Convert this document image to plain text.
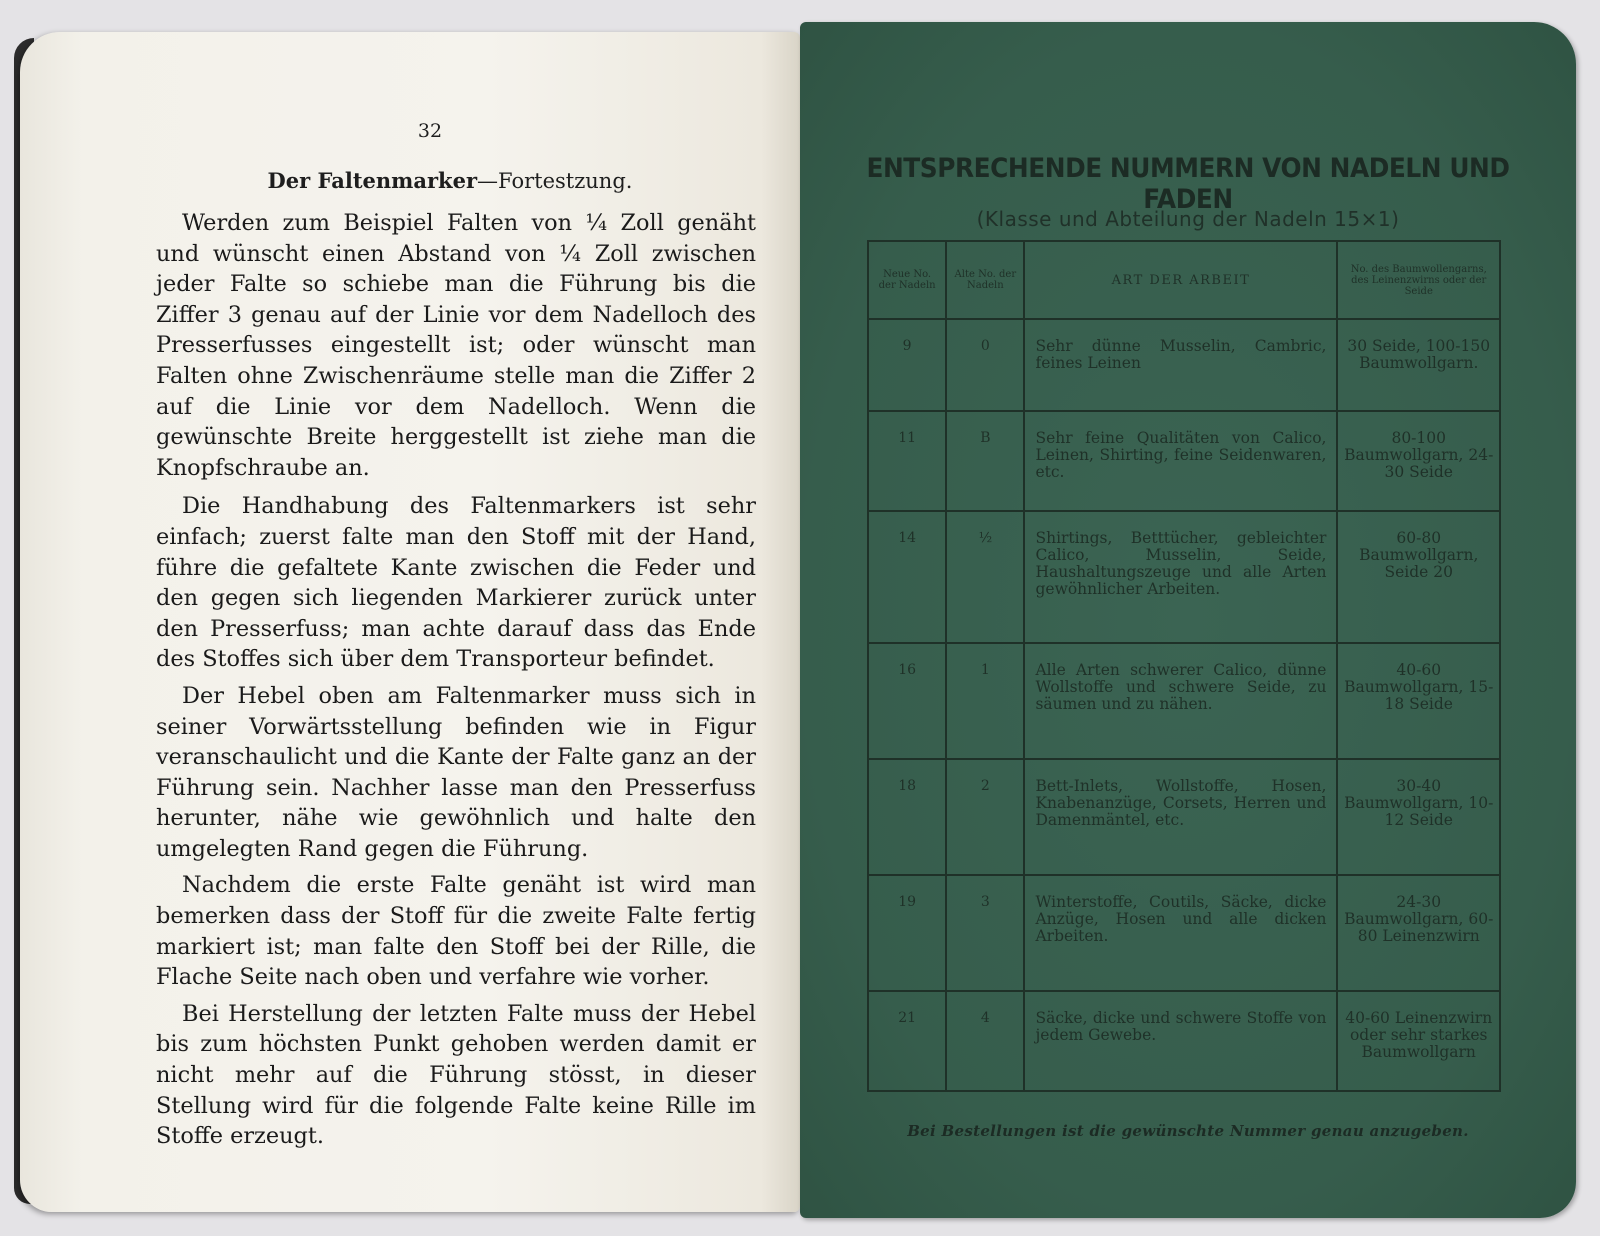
32
Der Faltenmarker—Fortestzung.

Werden zum Beispiel Falten von ¼ Zoll genäht und wünscht einen Abstand von ¼ Zoll zwischen jeder Falte so schiebe man die Führung bis die Ziffer 3 genau auf der Linie vor dem Nadelloch des Presserfusses eingestellt ist; oder wünscht man Falten ohne Zwischenräume stelle man die Ziffer 2 auf die Linie vor dem Nadelloch. Wenn die gewünschte Breite herggestellt ist ziehe man die Knopfschraube an.

Die Handhabung des Faltenmarkers ist sehr einfach; zuerst falte man den Stoff mit der Hand, führe die gefaltete Kante zwischen die Feder und den gegen sich liegenden Markierer zurück unter den Presserfuss; man achte darauf dass das Ende des Stoffes sich über dem Transporteur befindet.

Der Hebel oben am Faltenmarker muss sich in seiner Vorwärtsstellung befinden wie in Figur veranschaulicht und die Kante der Falte ganz an der Führung sein. Nachher lasse man den Presserfuss herunter, nähe wie gewöhnlich und halte den umgelegten Rand gegen die Führung.

Nachdem die erste Falte genäht ist wird man bemerken dass der Stoff für die zweite Falte fertig markiert ist; man falte den Stoff bei der Rille, die Flache Seite nach oben und verfahre wie vorher.

Bei Herstellung der letzten Falte muss der Hebel bis zum höchsten Punkt gehoben werden damit er nicht mehr auf die Führung stösst, in dieser Stellung wird für die folgende Falte keine Rille im Stoffe erzeugt.

ENTSPRECHENDE NUMMERN VON NADELN UND FADEN
(Klasse und Abteilung der Nadeln 15×1)
Neue No. der Nadeln	Alte No. der Nadeln	ART DER ARBEIT	No. des Baumwollengarns, des Leinenzwirns oder der Seide
9	0	Sehr dünne Musselin, Cambric, feines Leinen	30 Seide, 100-150 Baumwollgarn.
11	B	Sehr feine Qualitäten von Calico, Leinen, Shirting, feine Seidenwaren, etc.	80-100 Baumwollgarn, 24-30 Seide
14	½	Shirtings, Betttücher, gebleichter Calico, Musselin, Seide, Haushaltungszeuge und alle Arten gewöhnlicher Arbeiten.	60-80 Baumwollgarn, Seide 20
16	1	Alle Arten schwerer Calico, dünne Wollstoffe und schwere Seide, zu säumen und zu nähen.	40-60 Baumwollgarn, 15-18 Seide
18	2	Bett-Inlets, Wollstoffe, Hosen, Knabenanzüge, Corsets, Herren und Damenmäntel, etc.	30-40 Baumwollgarn, 10-12 Seide
19	3	Winterstoffe, Coutils, Säcke, dicke Anzüge, Hosen und alle dicken Arbeiten.	24-30 Baumwollgarn, 60-80 Leinenzwirn
21	4	Säcke, dicke und schwere Stoffe von jedem Gewebe.	40-60 Leinenzwirn oder sehr starkes Baumwollgarn
Bei Bestellungen ist die gewünschte Nummer genau anzugeben.
